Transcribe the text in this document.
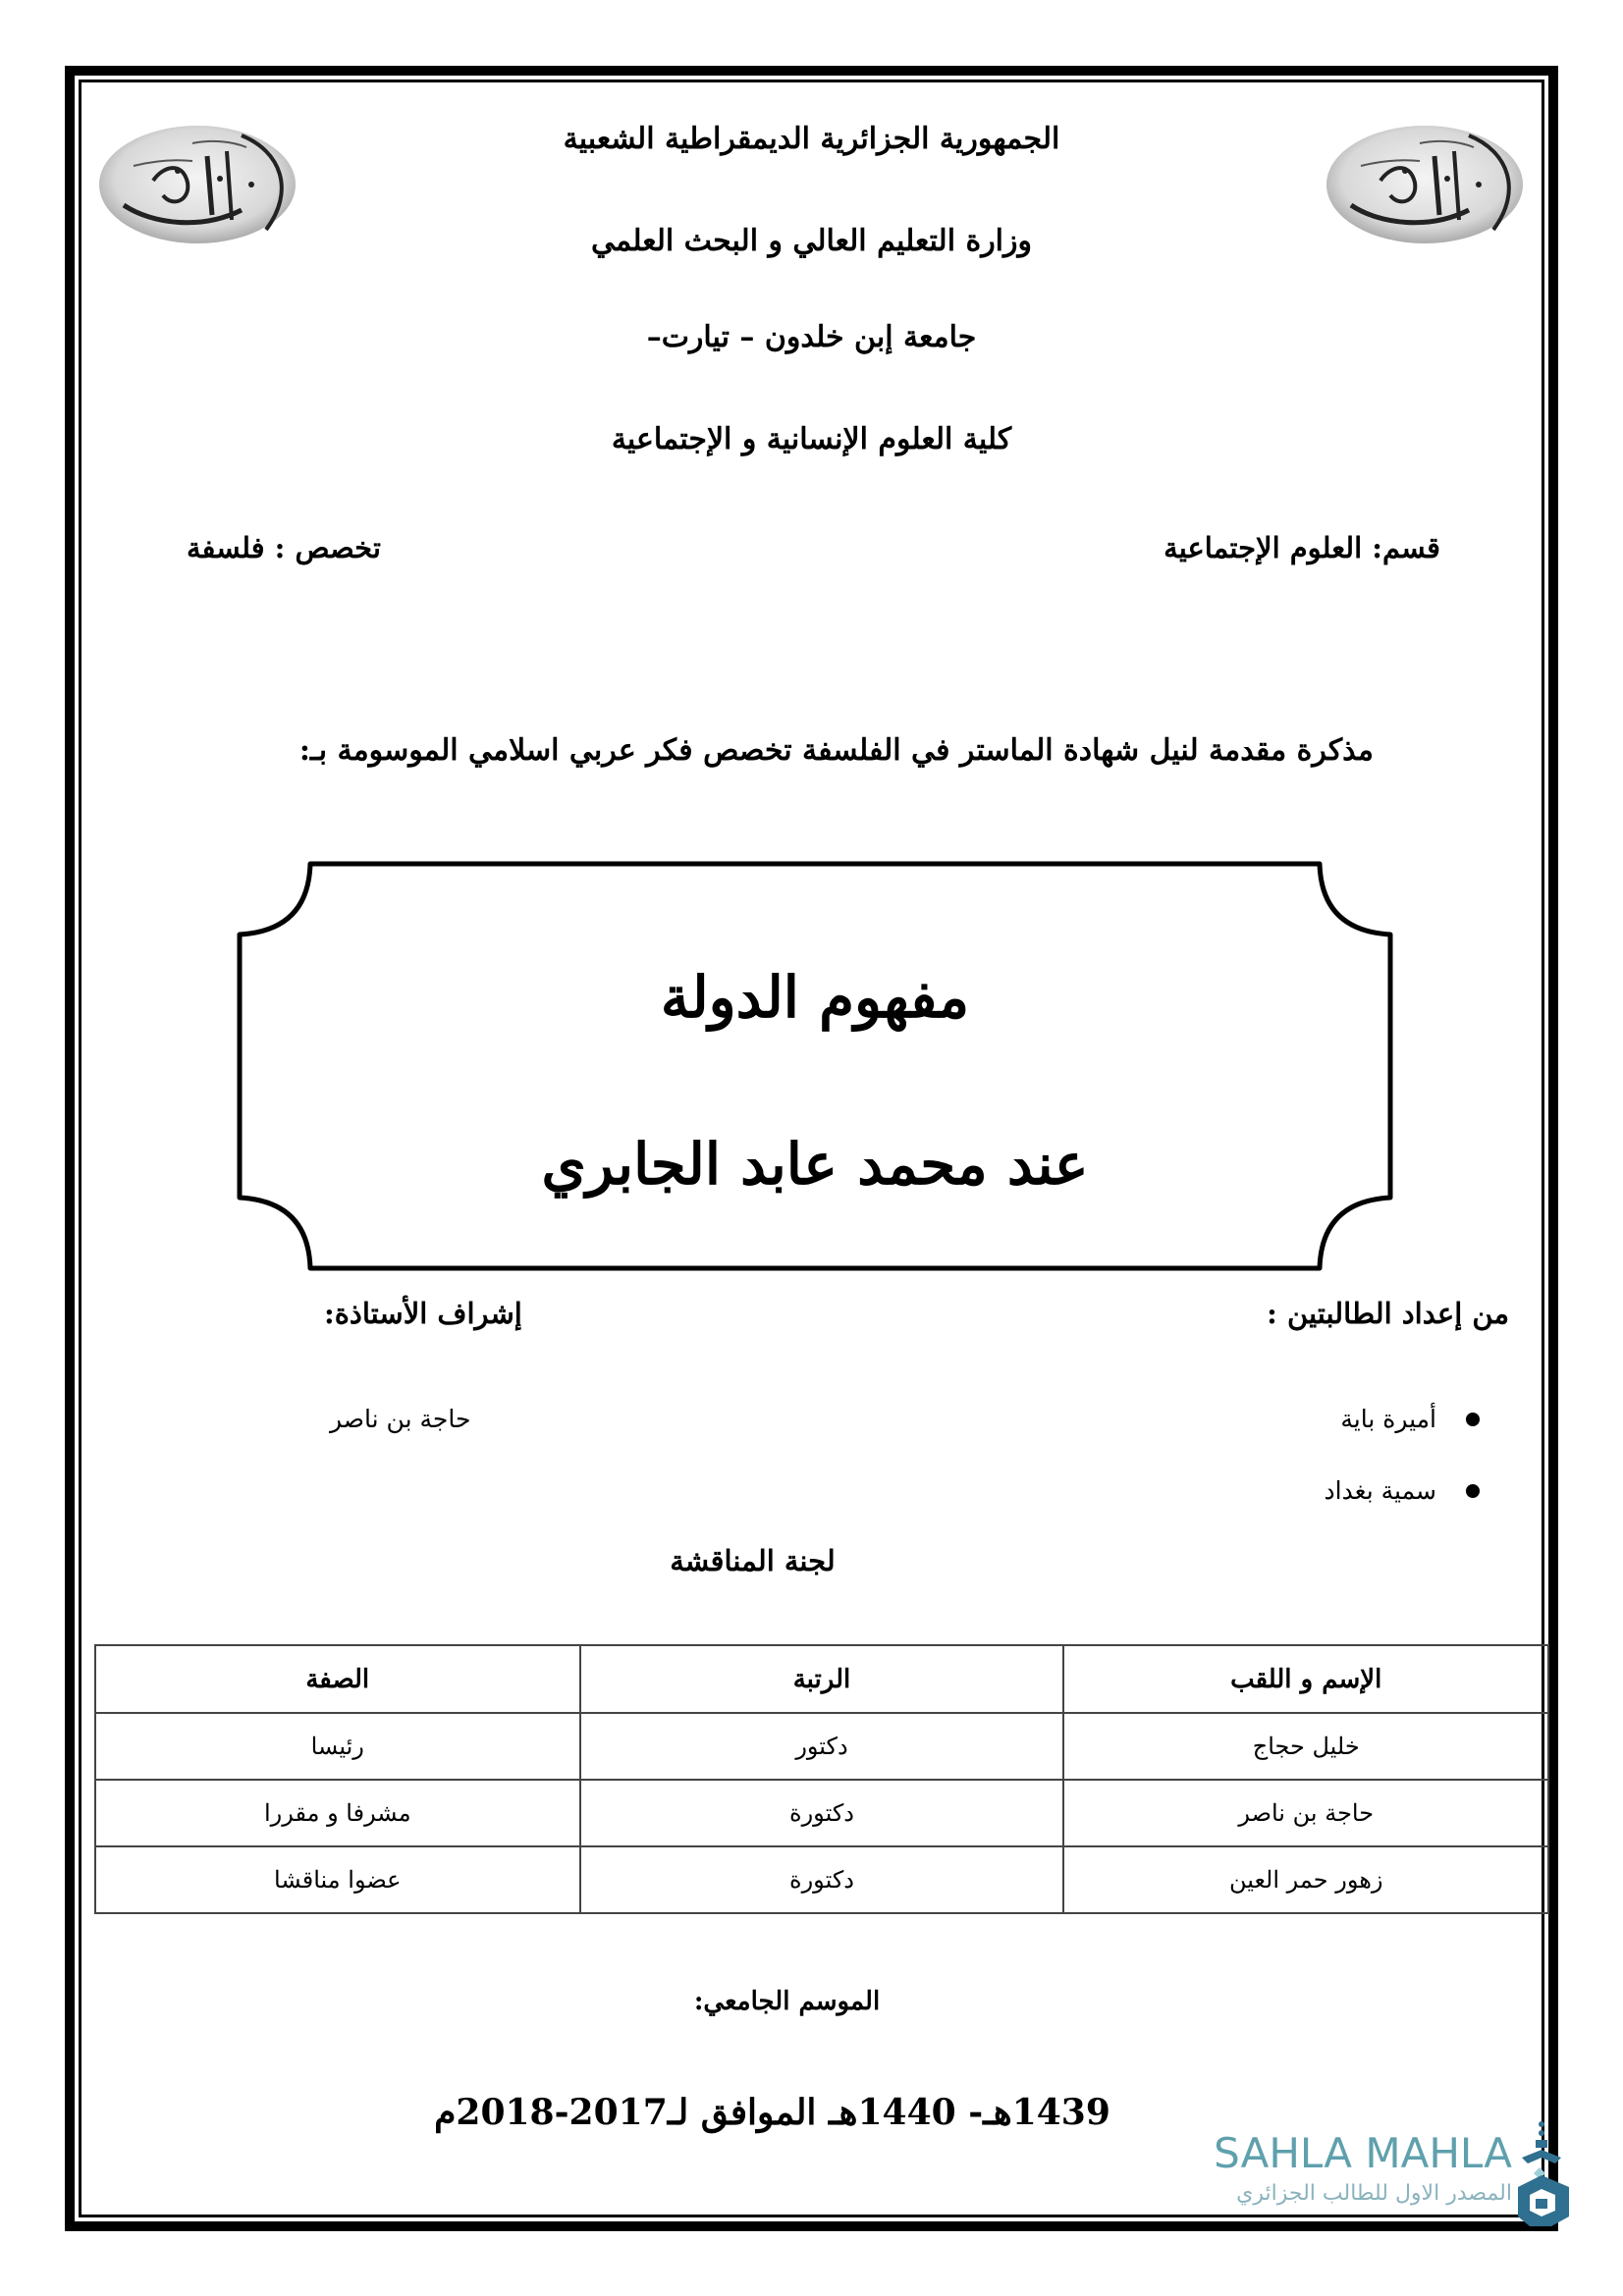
الجمهورية الجزائرية الديمقراطية الشعبية
وزارة التعليم العالي و البحث العلمي
جامعة إبن خلدون – تيارت–
كلية العلوم الإنسانية و الإجتماعية
قسم: العلوم الإجتماعية
تخصص : فلسفة
مذكرة مقدمة لنيل شهادة الماستر في الفلسفة تخصص فكر عربي اسلامي الموسومة بـ:
مفهوم الدولة
عند محمد عابد الجابري
من إعداد الطالبتين :
إشراف الأستاذة:
أميرة باية
سمية بغداد
حاجة بن ناصر
لجنة المناقشة
الإسم و اللقب	الرتبة	الصفة
خليل حجاج	دكتور	رئيسا
حاجة بن ناصر	دكتورة	مشرفا و مقررا
زهور حمر العين	دكتورة	عضوا مناقشا
الموسم الجامعي:
1439هـ- 1440هـ الموافق لـ2017-2018م
SAHLA MAHLA
المصدر الاول للطالب الجزائري
